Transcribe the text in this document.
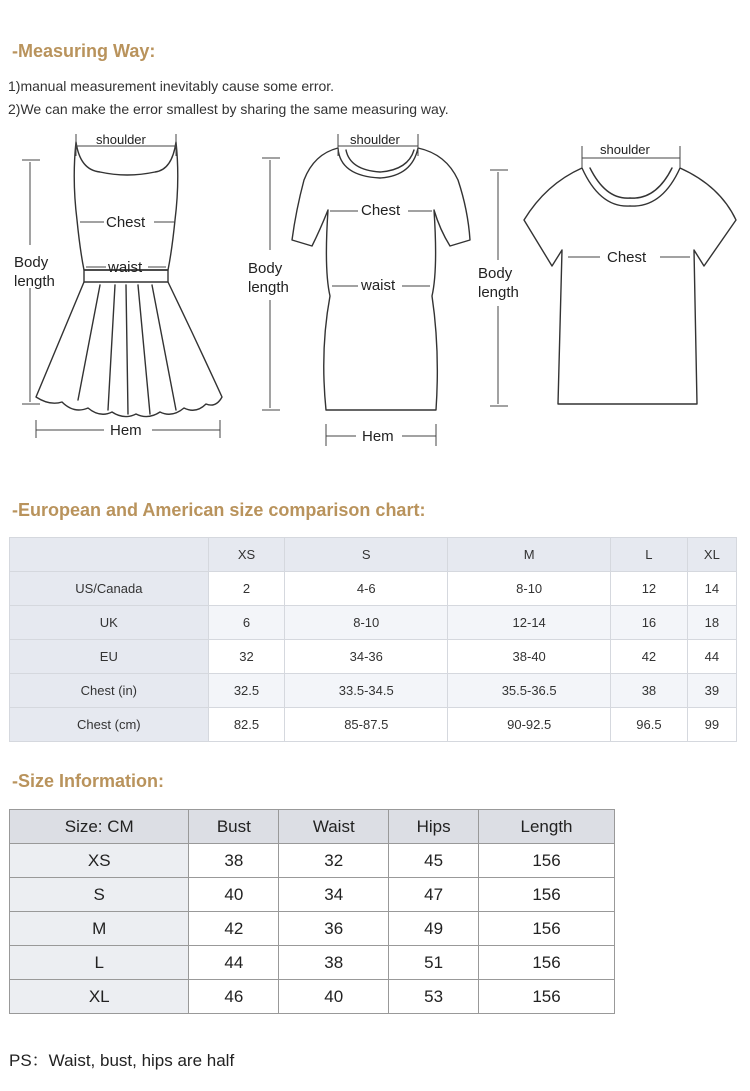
-Measuring Way:

1)manual measurement inevitably cause some error.

2)We can make the error smallest by sharing the same measuring way.

shoulder
Chest
waist
Body
length
Hem
shoulder
Chest
waist
Body
length
Hem
shoulder
Chest
Body
length
-European and American size comparison chart:
	XS	S	M	L	XL
US/Canada	2	4-6	8-10	12	14
UK	6	8-10	12-14	16	18
EU	32	34-36	38-40	42	44
Chest (in)	32.5	33.5-34.5	35.5-36.5	38	39
Chest (cm)	82.5	85-87.5	90-92.5	96.5	99
-Size Information:
Size: CM	Bust	Waist	Hips	Length
XS	38	32	45	156
S	40	34	47	156
M	42	36	49	156
L	44	38	51	156
XL	46	40	53	156

PS：Waist, bust, hips are half
